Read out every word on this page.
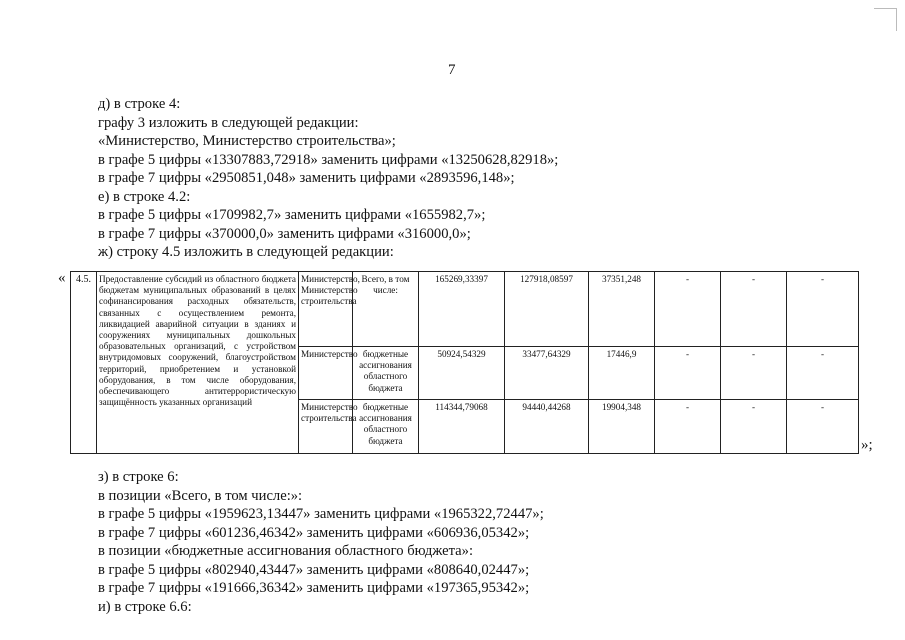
7
д) в строке 4:
графу 3 изложить в следующей редакции:
«Министерство, Министерство строительства»;
в графе 5 цифры «13307883,72918» заменить цифрами «13250628,82918»;
в графе 7 цифры «2950851,048» заменить цифрами «2893596,148»;
е) в строке 4.2:
в графе 5 цифры «1709982,7» заменить цифрами «1655982,7»;
в графе 7 цифры «370000,0» заменить цифрами «316000,0»;
ж) строку 4.5 изложить в следующей редакции:
« 4.5.	Предоставление субсидий из областного бюджета бюджетам муниципальных образований в целях софинансирования расходных обязательств, связанных с осуществлением ремонта, ликвидацией аварийной ситуации в зданиях и сооружениях муниципальных дошкольных образовательных организаций, с устройством внутридомовых сооружений, благоустройством территорий, приобретением и установкой оборудования, в том числе оборудования, обеспечивающего антитеррористическую защищённость указанных организаций	Министерство, Министерство строительства	Всего, в том числе:	165269,33397	127918,08597	37351,248	-	-	-
		Министерство	бюджетные ассигнования областного бюджета	50924,54329	33477,64329	17446,9	-	-	-
		Министерство строительства	бюджетные ассигнования областного бюджета	114344,79068	94440,44268	19904,348	-	-	-
»;
з) в строке 6:
в позиции «Всего, в том числе:»:
в графе 5 цифры «1959623,13447» заменить цифрами «1965322,72447»;
в графе 7 цифры «601236,46342» заменить цифрами «606936,05342»;
в позиции «бюджетные ассигнования областного бюджета»:
в графе 5 цифры «802940,43447» заменить цифрами «808640,02447»;
в графе 7 цифры «191666,36342» заменить цифрами «197365,95342»;
и) в строке 6.6:
